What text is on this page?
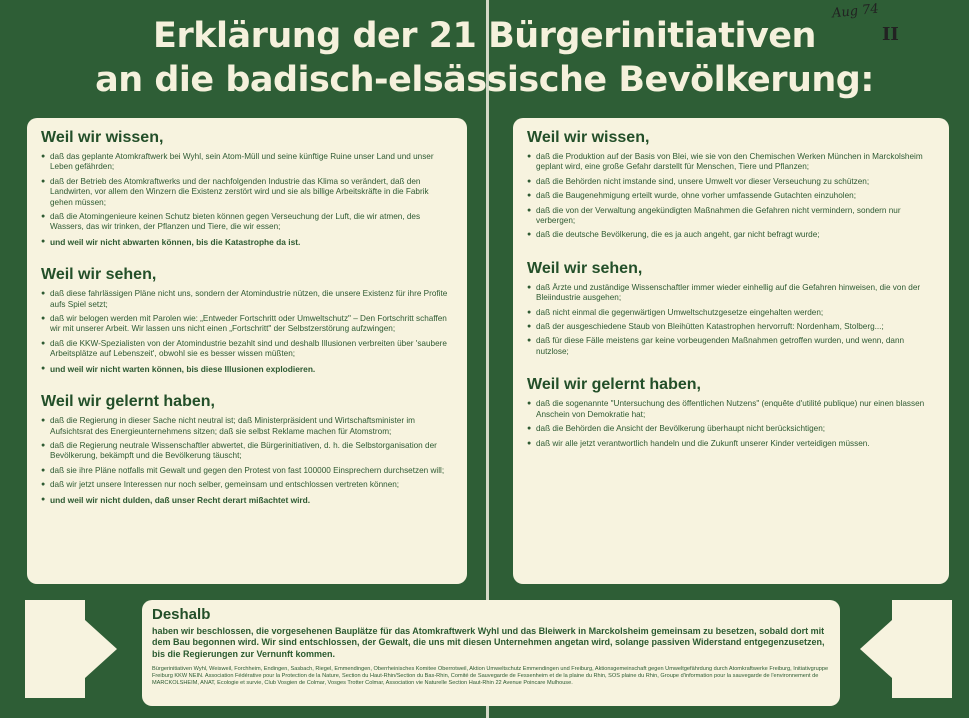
Erklärung der 21 Bürgerinitiativen
an die badisch-elsässische Bevölkerung:
Aug 74
II
Weil wir wissen,
● daß das geplante Atomkraftwerk bei Wyhl, sein Atom-Müll und seine künftige Ruine unser Land und unser Leben gefährden;
● daß der Betrieb des Atomkraftwerks und der nachfolgenden Industrie das Klima so verändert, daß den Landwirten, vor allem den Winzern die Existenz zerstört wird und sie als billige Arbeitskräfte in die Fabrik gehen müssen;
● daß die Atomingenieure keinen Schutz bieten können gegen Verseuchung der Luft, die wir atmen, des Wassers, das wir trinken, der Pflanzen und Tiere, die wir essen;
● und weil wir nicht abwarten können, bis die Katastrophe da ist.
Weil wir sehen,
● daß diese fahrlässigen Pläne nicht uns, sondern der Atomindustrie nützen, die unsere Existenz für ihre Profite aufs Spiel setzt;
● daß wir belogen werden mit Parolen wie: „Entweder Fortschritt oder Umweltschutz" – Den Fortschritt schaffen wir mit unserer Arbeit. Wir lassen uns nicht einen „Fortschritt" der Selbstzerstörung aufzwingen;
● daß die KKW-Spezialisten von der Atomindustrie bezahlt sind und deshalb Illusionen verbreiten über 'saubere Arbeitsplätze auf Lebenszeit', obwohl sie es besser wissen müßten;
● und weil wir nicht warten können, bis diese Illusionen explodieren.
Weil wir gelernt haben,
● daß die Regierung in dieser Sache nicht neutral ist; daß Ministerpräsident und Wirtschaftsminister im Aufsichtsrat des Energieunternehmens sitzen; daß sie selbst Reklame machen für Atomstrom;
● daß die Regierung neutrale Wissenschaftler abwertet, die Bürgerinitiativen, d. h. die Selbstorganisation der Bevölkerung, bekämpft und die Bevölkerung täuscht;
● daß sie ihre Pläne notfalls mit Gewalt und gegen den Protest von fast 100000 Einsprechern durchsetzen will;
● daß wir jetzt unsere Interessen nur noch selber, gemeinsam und entschlossen vertreten können;
● und weil wir nicht dulden, daß unser Recht derart mißachtet wird.
Weil wir wissen,
● daß die Produktion auf der Basis von Blei, wie sie von den Chemischen Werken München in Marckolsheim geplant wird, eine große Gefahr darstellt für Menschen, Tiere und Pflanzen;
● daß die Behörden nicht imstande sind, unsere Umwelt vor dieser Verseuchung zu schützen;
● daß die Baugenehmigung erteilt wurde, ohne vorher umfassende Gutachten einzuholen;
● daß die von der Verwaltung angekündigten Maßnahmen die Gefahren nicht vermindern, sondern nur verbergen;
● daß die deutsche Bevölkerung, die es ja auch angeht, gar nicht befragt wurde;
Weil wir sehen,
● daß Ärzte und zuständige Wissenschaftler immer wieder einhellig auf die Gefahren hinweisen, die von der Bleiindustrie ausgehen;
● daß nicht einmal die gegenwärtigen Umweltschutzgesetze eingehalten werden;
● daß der ausgeschiedene Staub von Bleihütten Katastrophen hervorruft: Nordenham, Stolberg...;
● daß für diese Fälle meistens gar keine vorbeugenden Maßnahmen getroffen wurden, und wenn, dann nutzlose;
Weil wir gelernt haben,
● daß die sogenannte "Untersuchung des öffentlichen Nutzens" (enquête d'utilité publique) nur einen blassen Anschein von Demokratie hat;
● daß die Behörden die Ansicht der Bevölkerung überhaupt nicht berücksichtigen;
● daß wir alle jetzt verantwortlich handeln und die Zukunft unserer Kinder verteidigen müssen.
Deshalb
haben wir beschlossen, die vorgesehenen Bauplätze für das Atomkraftwerk Wyhl und das Bleiwerk in Marckolsheim gemeinsam zu besetzen, sobald dort mit dem Bau begonnen wird. Wir sind entschlossen, der Gewalt, die uns mit diesen Unternehmen angetan wird, solange passiven Widerstand entgegenzusetzen, bis die Regierungen zur Vernunft kommen.
Bürgerinitiativen Wyhl, Weisweil, Forchheim, Endingen, Sasbach, Riegel, Emmendingen, Oberrheinisches Komitee Oberrotweil, Aktion Umweltschutz Emmendingen und Freiburg, Aktionsgemeinschaft gegen Umweltgefährdung durch Atomkraftwerke Freiburg, Initiativgruppe Freiburg KKW NEIN. Association Fédérative pour la Protection de la Nature, Section du Haut-Rhin/Section du Bas-Rhin, Comité de Sauvegarde de Fessenheim et de la plaine du Rhin, SOS plaine du Rhin, Groupe d'information pour la sauvegarde de l'environnement de MARCKOLSHEIM, ANAT, Ecologie et survie, Club Vosgien de Colmar, Vosges Trotter Colmar, Association vie Naturelle Section Haut-Rhin 22 Avenue Poincare Mulhouse.
